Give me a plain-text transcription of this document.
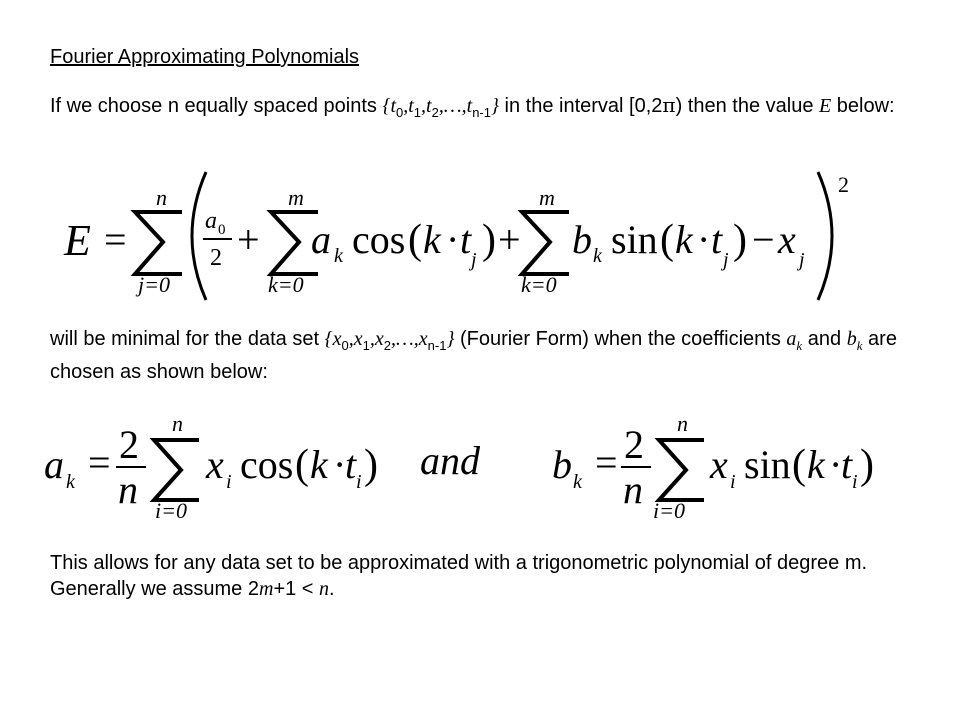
Fourier Approximating Polynomials
If we choose n equally spaced points $\{t_0,t_1,t_2,\dots,t_{n-1}\}$ in the interval [0,2π) then the value E below:
E =
n
j=0
a 0
2 +
m
k=0
a k cos ( k · t j ) +
m
k=0
b k sin ( k · t j ) − x j
2
will be minimal for the data set $\{x_0,x_1,x_2,\dots,x_{n-1}\}$ (Fourier Form) when the coefficients $a_k$ and $b_k$ are chosen as shown below:
a k = 2
n
n
i=0
x i cos ( k ·
t i ) and b k = 2
n
n
i=0
x i sin ( k ·
t i )
This allows for any data set to be approximated with a trigonometric polynomial of degree m. Generally we assume 2m+1 < n.
